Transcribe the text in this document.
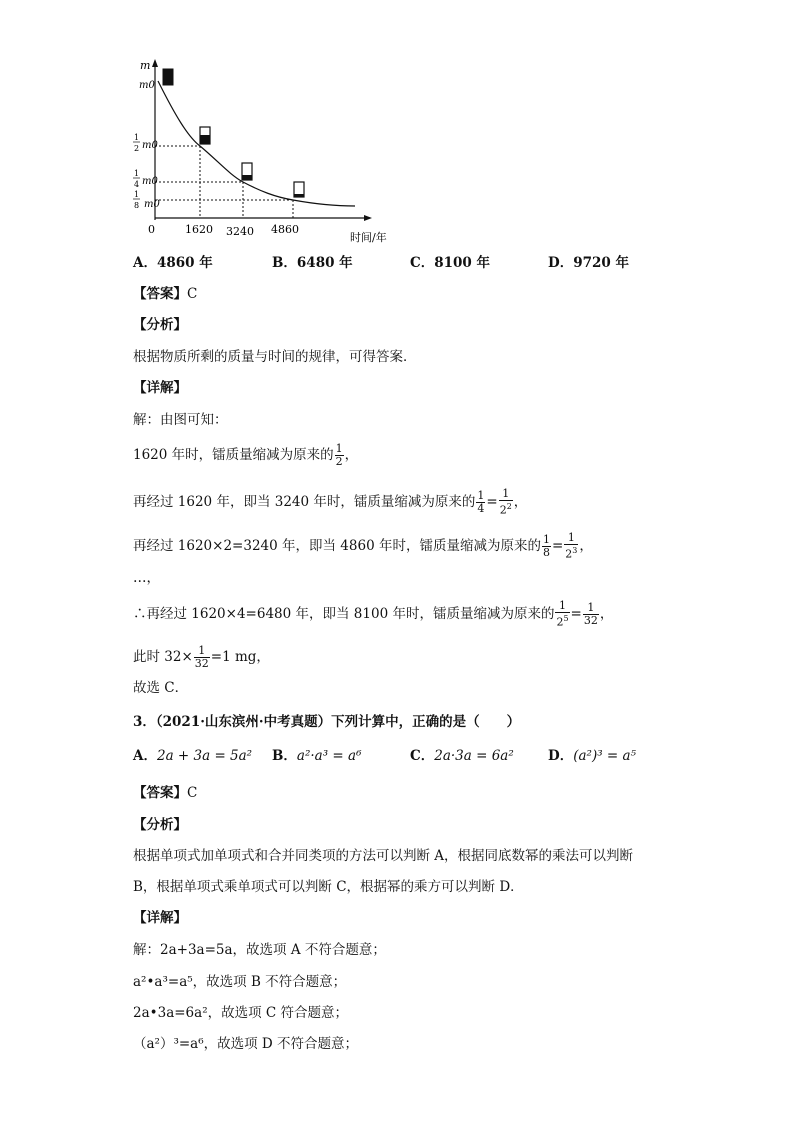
m
m0
1
2 m0
1
4 m0
1
8 m0
0	1620 3240 4860
时间/年
A．4860 年	B．6480 年	C．8100 年	D．9720 年
【答案】C
【分析】
根据物质所剩的质量与时间的规律，可得答案．
【详解】
解：由图可知：
1620 年时，镭质量缩减为原来的 $\frac{1}{2}$ ，
再经过 1620 年，即当 3240 年时，镭质量缩减为原来的 $\frac{1}{4} = \frac{1}{2^2}$ ，
再经过 1620×2=3240 年，即当 4860 年时，镭质量缩减为原来的 $\frac{1}{8} = \frac{1}{2^3}$ ，
…，
∴再经过 1620×4=6480 年，即当 8100 年时，镭质量缩减为原来的 $\frac{1}{2^5} = \frac{1}{32}$ ，
此时 $32\times \frac{1}{32} =1$ mg，
故选 C．
3．（2021·山东滨州·中考真题）下列计算中，正确的是（　　）
A．2a + 3a = 5a² B．a²·a³ = a⁶	C．2a·3a = 6a²	D．(a²)³ = a⁵
【答案】C
【分析】
根据单项式加单项式和合并同类项的方法可以判断 A，根据同底数幂的乘法可以判断
B，根据单项式乘单项式可以判断 C，根据幂的乘方可以判断 D．
【详解】
解：2a+3a=5a，故选项 A 不符合题意；
a²•a³=a⁵，故选项 B 不符合题意；
2a•3a=6a²，故选项 C 符合题意；
（a²）³=a⁶，故选项 D 不符合题意；
